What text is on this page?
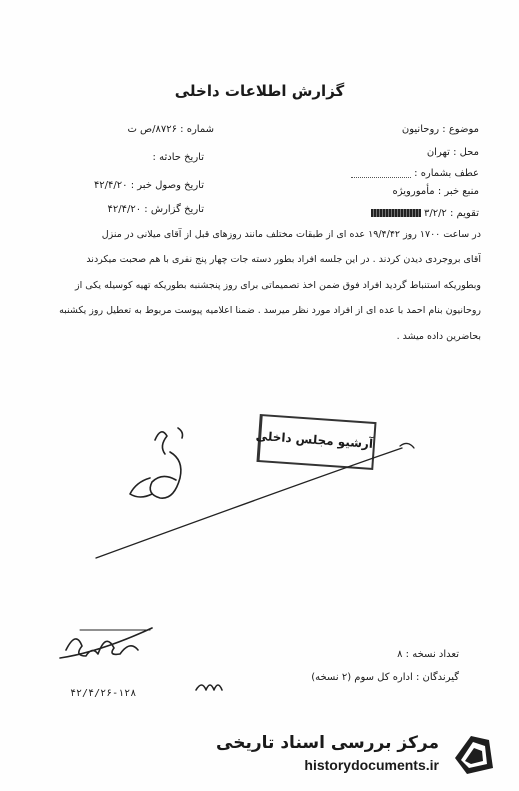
گزارش اطلاعات داخلی
موضوع : روحانیون
محل : تهران
عطف بشماره :
منبع خبر : مأمورویژه
تقویم : ۳/۲/۲
شماره : ۸۷۲۶/ص ت
تاریخ حادثه :
تاریخ وصول خبر : ۴۲/۴/۲۰
تاریخ گزارش : ۴۲/۴/۲۰
در ساعت ۱۷۰۰ روز ۱۹/۴/۴۲ عده ای از طبقات مختلف مانند روزهای قبل از آقای میلانی در منزل
آقای بروجردی دیدن کردند . در این جلسه افراد بطور دسته جات چهار پنج نفری با هم صحبت میکردند
وبطوریکه استنباط گردید افراد فوق ضمن اخذ تصمیماتی برای روز پنجشنبه بطوریکه تهیه کوسیله یکی از
روحانیون بنام احمد با عده ای از افراد مورد نظر میرسد . ضمنا اعلامیه پیوست مربوط به تعطیل روز یکشنبه
بحاضرین داده میشد .
آرشیو مجلس داخلی
تعداد نسخه : ۸
گیرندگان : اداره کل سوم (۲ نسخه)
۴۲/۴/۲۶-۱۲۸
مرکز بررسی اسناد تاریخی
historydocuments.ir
